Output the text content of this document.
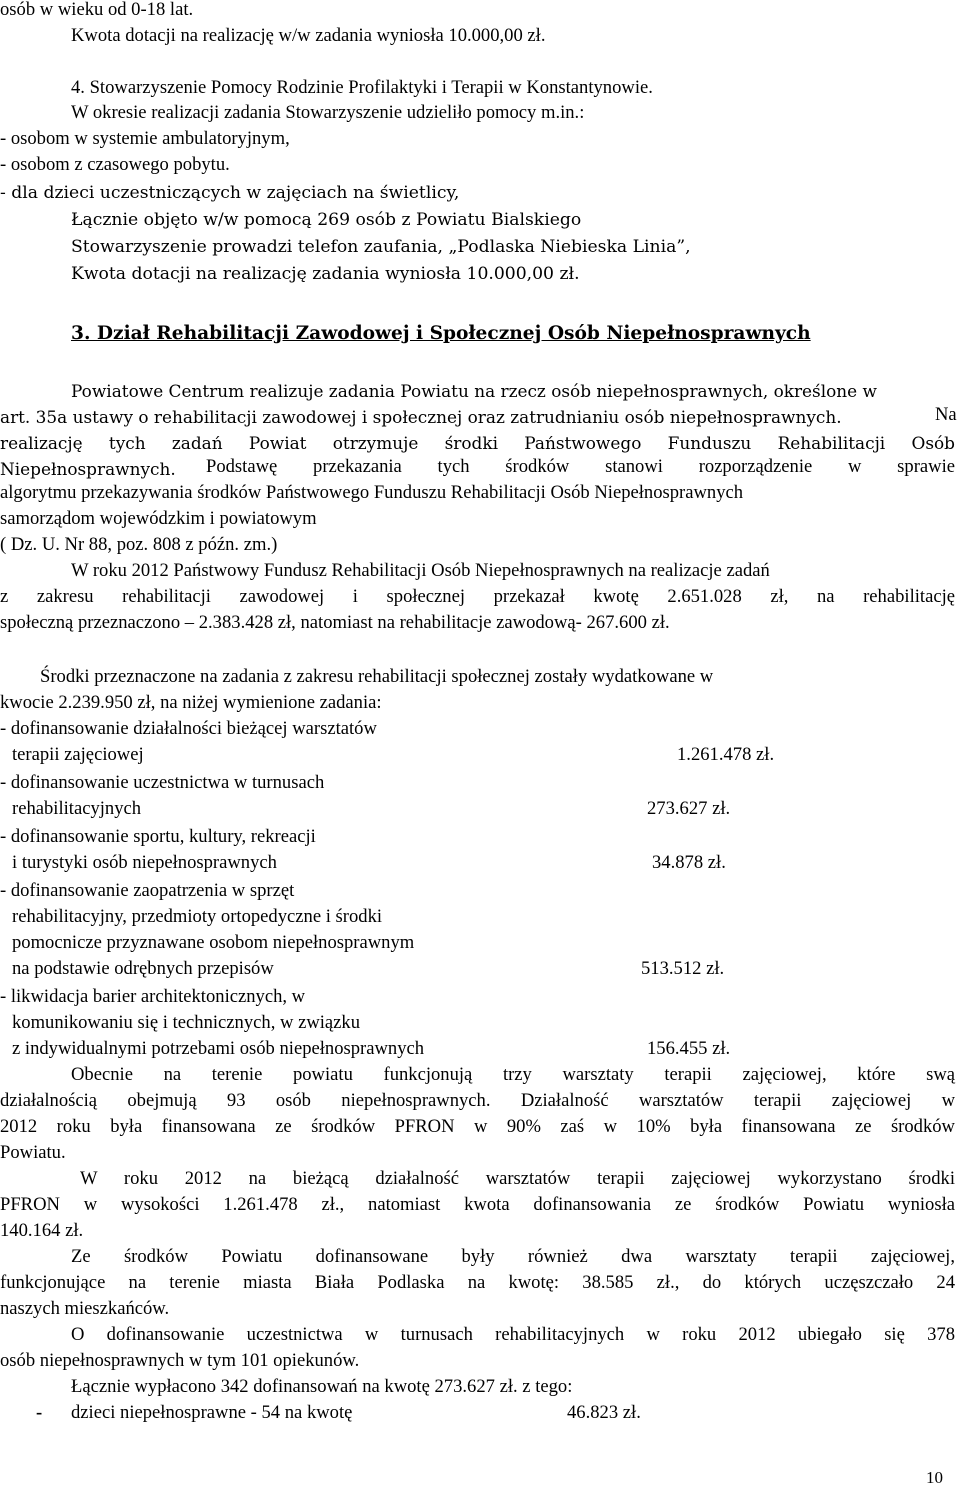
osób w wieku od 0-18 lat.
Kwota dotacji na realizację w/w zadania wyniosła 10.000,00 zł.
4. Stowarzyszenie Pomocy Rodzinie Profilaktyki i Terapii w Konstantynowie.
W okresie realizacji zadania Stowarzyszenie udzieliło pomocy m.in.:
- osobom w systemie ambulatoryjnym,
- osobom z czasowego pobytu.
- dla dzieci uczestniczących w zajęciach na świetlicy,
Łącznie objęto w/w pomocą 269 osób z Powiatu Bialskiego
Stowarzyszenie prowadzi telefon zaufania, „Podlaska Niebieska Linia”,
Kwota dotacji na realizację zadania wyniosła 10.000,00 zł.
3. Dział Rehabilitacji Zawodowej i Społecznej Osób Niepełnosprawnych
Powiatowe Centrum realizuje zadania Powiatu na rzecz osób niepełnosprawnych, określone w
art. 35a ustawy o rehabilitacji zawodowej i społecznej oraz zatrudnianiu osób niepełnosprawnych.	Na
realizację tych zadań Powiat otrzymuje środki Państwowego Funduszu Rehabilitacji Osób
Niepełnosprawnych. Podstawę przekazania tych środków stanowi rozporządzenie w sprawie
algorytmu przekazywania środków Państwowego Funduszu Rehabilitacji Osób Niepełnosprawnych
samorządom wojewódzkim i powiatowym
( Dz. U. Nr 88, poz. 808 z późn. zm.)
W roku 2012 Państwowy Fundusz Rehabilitacji Osób Niepełnosprawnych na realizacje zadań
z zakresu rehabilitacji zawodowej i społecznej przekazał kwotę 2.651.028 zł, na rehabilitację
społeczną przeznaczono – 2.383.428 zł, natomiast na rehabilitacje zawodową- 267.600 zł.
Środki przeznaczone na zadania z zakresu rehabilitacji społecznej zostały wydatkowane w
kwocie 2.239.950 zł, na niżej wymienione zadania:
- dofinansowanie działalności bieżącej warsztatów
terapii zajęciowej	1.261.478 zł.
- dofinansowanie uczestnictwa w turnusach
rehabilitacyjnych	273.627 zł.
- dofinansowanie sportu, kultury, rekreacji
i turystyki osób niepełnosprawnych	34.878 zł.
- dofinansowanie zaopatrzenia w sprzęt
rehabilitacyjny, przedmioty ortopedyczne i środki
pomocnicze przyznawane osobom niepełnosprawnym
na podstawie odrębnych przepisów	513.512 zł.
- likwidacja barier architektonicznych, w
komunikowaniu się i technicznych, w związku
z indywidualnymi potrzebami osób niepełnosprawnych	156.455 zł.
Obecnie na terenie powiatu funkcjonują trzy warsztaty terapii zajęciowej, które swą
działalnością obejmują 93 osób niepełnosprawnych. Działalność warsztatów terapii zajęciowej w
2012 roku była finansowana ze środków PFRON w 90% zaś w 10% była finansowana ze środków
Powiatu.
W roku 2012 na bieżącą działalność warsztatów terapii zajęciowej wykorzystano środki
PFRON w wysokości 1.261.478 zł., natomiast kwota dofinansowania ze środków Powiatu wyniosła
140.164 zł.
Ze środków Powiatu dofinansowane były również dwa warsztaty terapii zajęciowej,
funkcjonujące na terenie miasta Biała Podlaska na kwotę: 38.585 zł., do których uczęszczało 24
naszych mieszkańców.
O dofinansowanie uczestnictwa w turnusach rehabilitacyjnych w roku 2012 ubiegało się 378
osób niepełnosprawnych w tym 101 opiekunów.
Łącznie wypłacono 342 dofinansowań na kwotę 273.627 zł. z tego:
- dzieci niepełnosprawne - 54 na kwotę	46.823 zł.
10
